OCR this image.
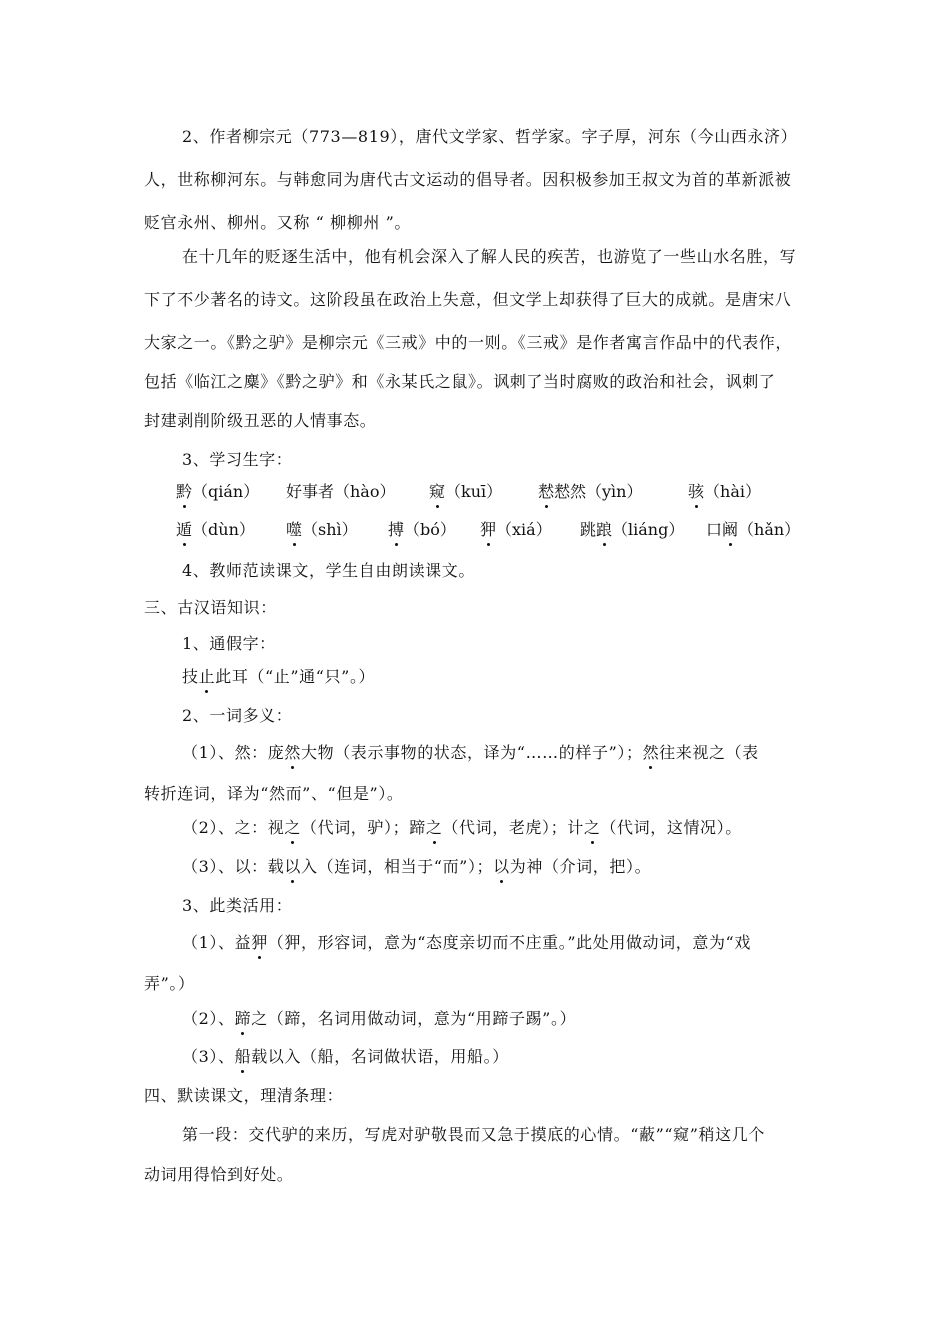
2、作者柳宗元（773—819），唐代文学家、哲学家。字子厚，河东（今山西永济）
人，世称柳河东。与韩愈同为唐代古文运动的倡导者。因积极参加王叔文为首的革新派被
贬官永州、柳州。又称 “ 柳柳州 ”。
在十几年的贬逐生活中，他有机会深入了解人民的疾苦，也游览了一些山水名胜，写
下了不少著名的诗文。这阶段虽在政治上失意，但文学上却获得了巨大的成就。是唐宋八
大家之一。《黔之驴》是柳宗元《三戒》中的一则。《三戒》是作者寓言作品中的代表作，
包括《临江之麋》《黔之驴》和《永某氏之鼠》。讽刺了当时腐败的政治和社会，讽刺了
封建剥削阶级丑恶的人情事态。
3、学习生字：
黔（qián） 好事者（hào） 窥（kuī） 慭慭然（yìn）	骇（hài）
遁（dùn） 噬（shì） 搏（bó） 狎（xiá） 跳踉（liáng） 口阚（hǎn）
4、教师范读课文，学生自由朗读课文。
三、古汉语知识：
1、通假字：
技止此耳（“止”通“只”。）
2、一词多义：
（1）、然：庞然大物（表示事物的状态，译为“……的样子”）；然往来视之（表
转折连词，译为“然而”、“但是”）。
（2）、之：视之（代词，驴）；蹄之（代词，老虎）；计之（代词，这情况）。
（3）、以：载以入（连词，相当于“而”）；以为神（介词，把）。
3、此类活用：
（1）、益狎（狎，形容词，意为“态度亲切而不庄重。”此处用做动词，意为“戏
弄”。）
（2）、蹄之（蹄，名词用做动词，意为“用蹄子踢”。）
（3）、船载以入（船，名词做状语，用船。）
四、默读课文，理清条理：
第一段：交代驴的来历，写虎对驴敬畏而又急于摸底的心情。“蔽”“窥”稍这几个
动词用得恰到好处。
